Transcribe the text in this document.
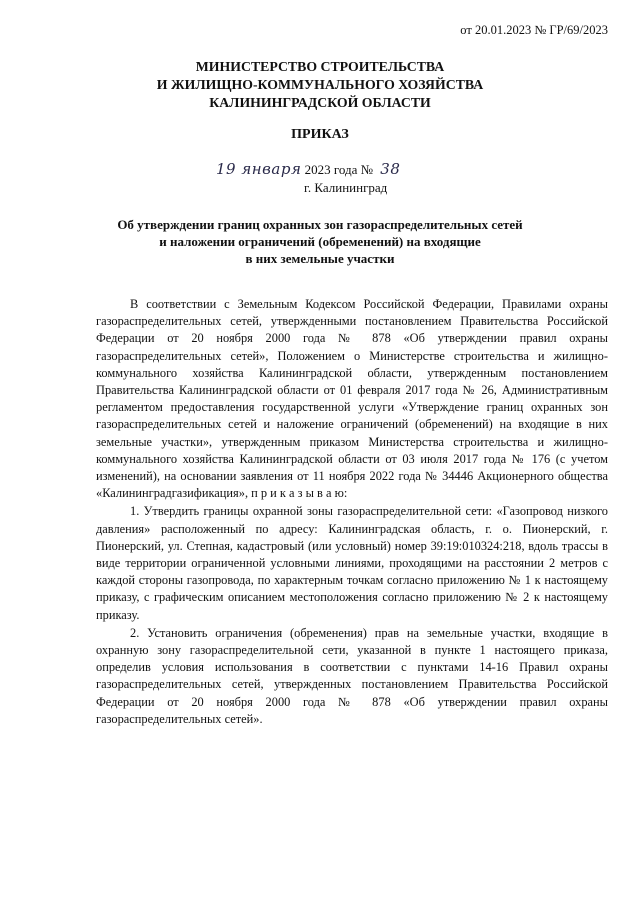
от 20.01.2023 № ГР/69/2023
МИНИСТЕРСТВО СТРОИТЕЛЬСТВА
И ЖИЛИЩНО-КОММУНАЛЬНОГО ХОЗЯЙСТВА
КАЛИНИНГРАДСКОЙ ОБЛАСТИ
ПРИКАЗ
19 января 2023 года № 38
г. Калининград
Об утверждении границ охранных зон газораспределительных сетей
и наложении ограничений (обременений) на входящие
в них земельные участки

В соответствии с Земельным Кодексом Российской Федерации, Правилами охраны газораспределительных сетей, утвержденными постановлением Правительства Российской Федерации от 20 ноября 2000 года № 878 «Об утверждении правил охраны газораспределительных сетей», Положением о Министерстве строительства и жилищно-коммунального хозяйства Калининградской области, утвержденным постановлением Правительства Калининградской области от 01 февраля 2017 года № 26, Административным регламентом предоставления государственной услуги «Утверждение границ охранных зон газораспределительных сетей и наложение ограничений (обременений) на входящие в них земельные участки», утвержденным приказом Министерства строительства и жилищно-коммунального хозяйства Калининградской области от 03 июля 2017 года № 176 (с учетом изменений), на основании заявления от 11 ноября 2022 года № 34446 Акционерного общества «Калининградгазификация», п р и к а з ы в а ю:

1. Утвердить границы охранной зоны газораспределительной сети: «Газопровод низкого давления» расположенный по адресу: Калининградская область, г. о. Пионерский, г. Пионерский, ул. Степная, кадастровый (или условный) номер 39:19:010324:218, вдоль трассы в виде территории ограниченной условными линиями, проходящими на расстоянии 2 метров с каждой стороны газопровода, по характерным точкам согласно приложению № 1 к настоящему приказу, с графическим описанием местоположения согласно приложению № 2 к настоящему приказу.

2. Установить ограничения (обременения) прав на земельные участки, входящие в охранную зону газораспределительной сети, указанной в пункте 1 настоящего приказа, определив условия использования в соответствии с пунктами 14-16 Правил охраны газораспределительных сетей, утвержденных постановлением Правительства Российской Федерации от 20 ноября 2000 года № 878 «Об утверждении правил охраны газораспределительных сетей».
